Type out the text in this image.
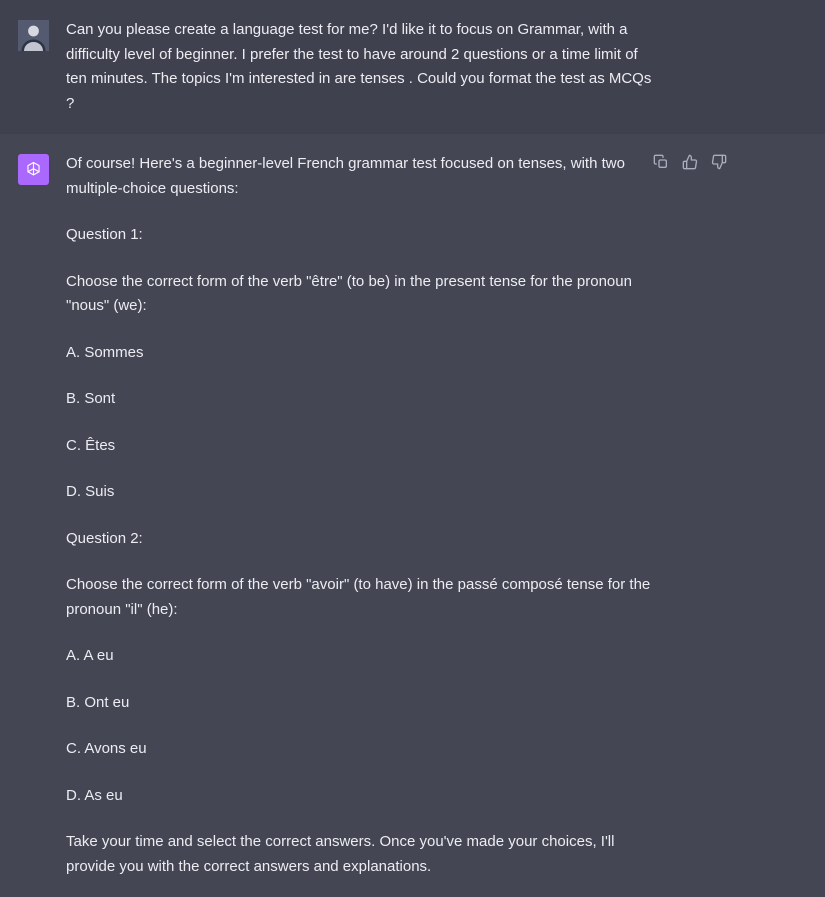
Can you please create a language test for me? I'd like it to focus on Grammar, with a difficulty level of beginner. I prefer the test to have around 2 questions or a time limit of ten minutes. The topics I'm interested in are tenses . Could you format the test as MCQs ?

Of course! Here's a beginner-level French grammar test focused on tenses, with two multiple-choice questions:

Question 1:

Choose the correct form of the verb "être" (to be) in the present tense for the pronoun "nous" (we):

A. Sommes

B. Sont

C. Êtes

D. Suis

Question 2:

Choose the correct form of the verb "avoir" (to have) in the passé composé tense for the pronoun "il" (he):

A. A eu

B. Ont eu

C. Avons eu

D. As eu

Take your time and select the correct answers. Once you've made your choices, I'll provide you with the correct answers and explanations.
